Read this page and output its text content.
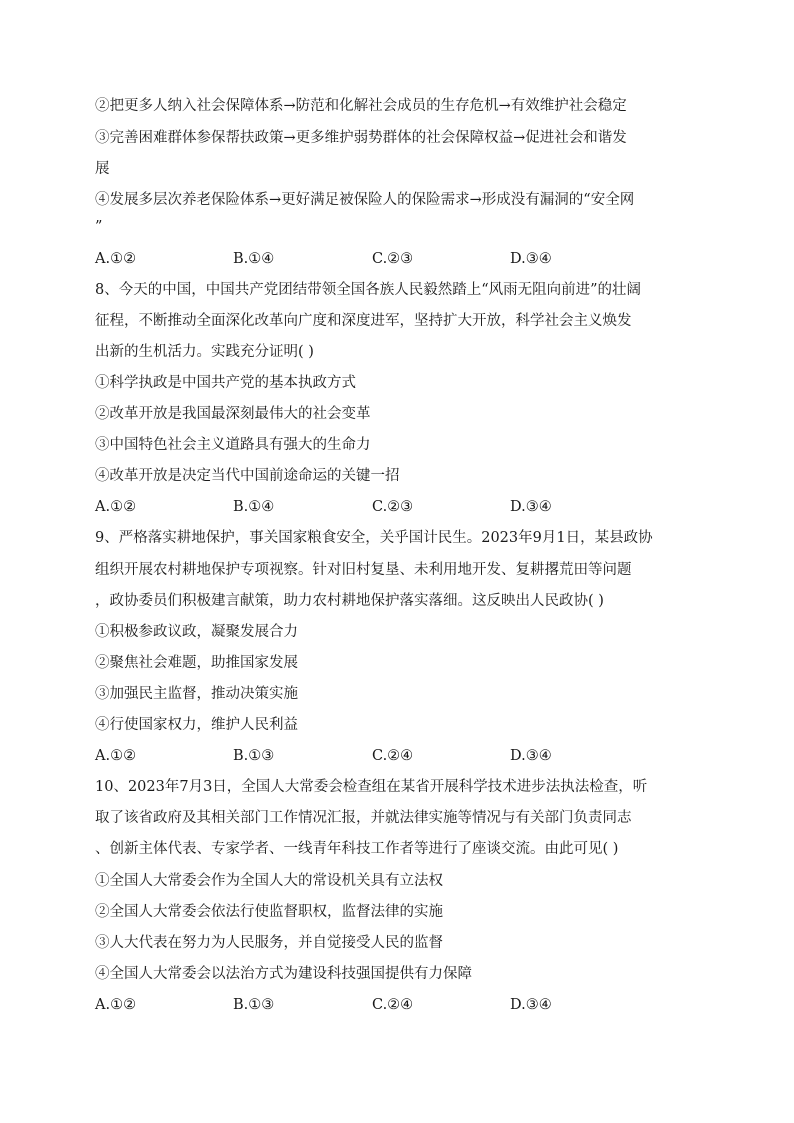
②把更多人纳入社会保障体系→防范和化解社会成员的生存危机→有效维护社会稳定
③完善困难群体参保帮扶政策→更多维护弱势群体的社会保障权益→促进社会和谐发
展
④发展多层次养老保险体系→更好满足被保险人的保险需求→形成没有漏洞的“安全网
”
A.①②	B.①④	C.②③	D.③④
8、今天的中国，中国共产党团结带领全国各族人民毅然踏上“风雨无阻向前进”的壮阔
征程，不断推动全面深化改革向广度和深度进军，坚持扩大开放，科学社会主义焕发
出新的生机活力。实践充分证明( )
①科学执政是中国共产党的基本执政方式
②改革开放是我国最深刻最伟大的社会变革
③中国特色社会主义道路具有强大的生命力
④改革开放是决定当代中国前途命运的关键一招
A.①②	B.①④	C.②③	D.③④
9、严格落实耕地保护，事关国家粮食安全，关乎国计民生。2023年9月1日，某县政协
组织开展农村耕地保护专项视察。针对旧村复垦、未利用地开发、复耕撂荒田等问题
，政协委员们积极建言献策，助力农村耕地保护落实落细。这反映出人民政协( )
①积极参政议政，凝聚发展合力
②聚焦社会难题，助推国家发展
③加强民主监督，推动决策实施
④行使国家权力，维护人民利益
A.①②	B.①③	C.②④	D.③④
10、2023年7月3日，全国人大常委会检查组在某省开展科学技术进步法执法检查，听
取了该省政府及其相关部门工作情况汇报，并就法律实施等情况与有关部门负责同志
、创新主体代表、专家学者、一线青年科技工作者等进行了座谈交流。由此可见( )
①全国人大常委会作为全国人大的常设机关具有立法权
②全国人大常委会依法行使监督职权，监督法律的实施
③人大代表在努力为人民服务，并自觉接受人民的监督
④全国人大常委会以法治方式为建设科技强国提供有力保障
A.①②	B.①③	C.②④	D.③④
